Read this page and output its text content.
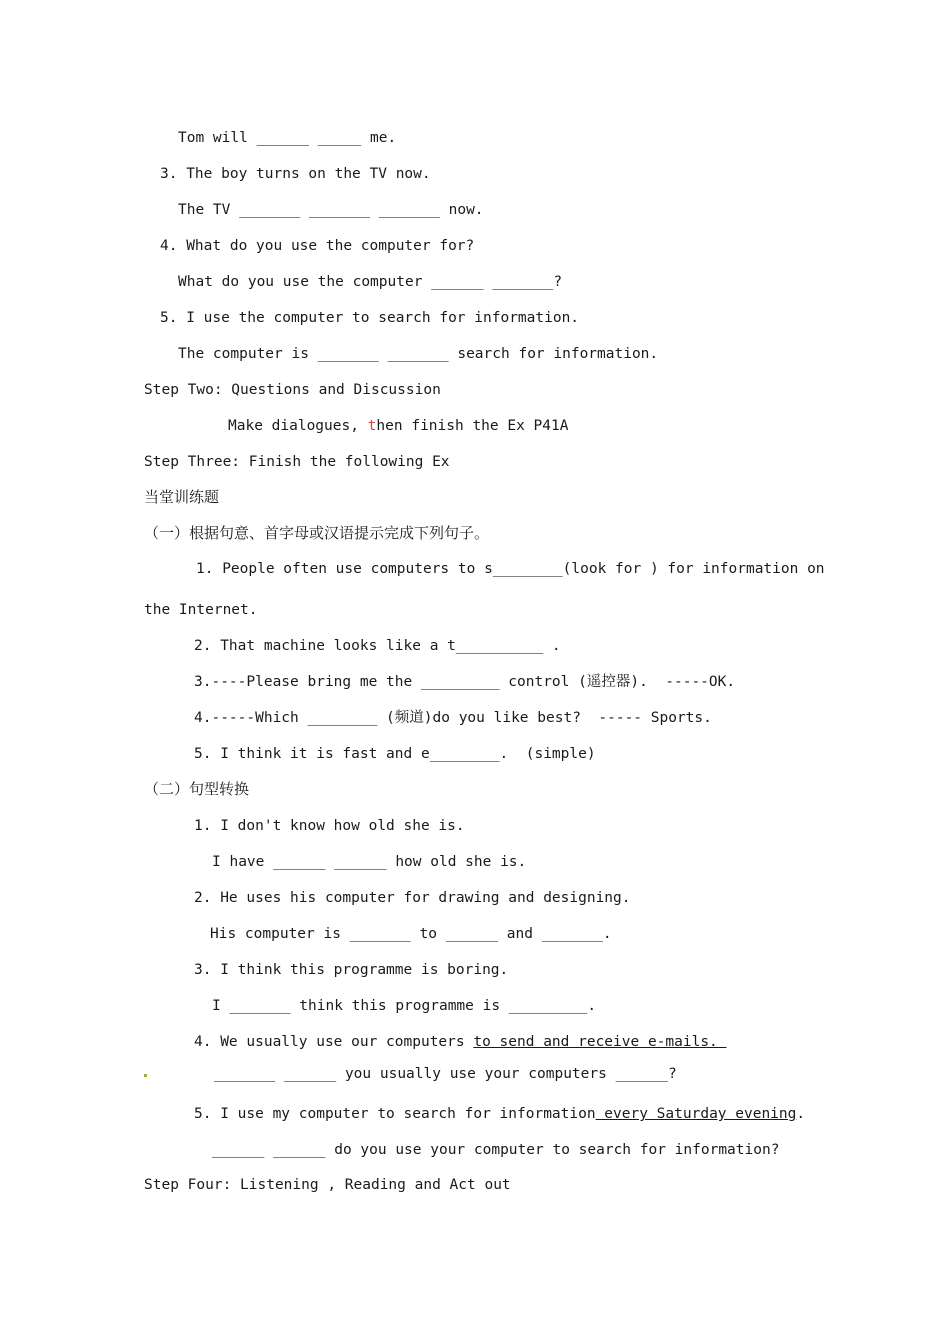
Tom will ______ _____ me.
3. The boy turns on the TV now.
The TV _______ _______ _______ now.
4. What do you use the computer for?
What do you use the computer ______ _______?
5. I use the computer to search for information.
The computer is _______ _______ search for information.
Step Two: Questions and Discussion
Make dialogues, then finish the Ex P41A
Step Three: Finish the following Ex
当堂训练题
（一）根据句意、首字母或汉语提示完成下列句子。
1. People often use computers to s________(look for ) for information on
the Internet.
2. That machine looks like a t__________ .
3.----Please bring me the _________ control (遥控器).  -----OK.
4.-----Which ________ (频道)do you like best?  ----- Sports.
5. I think it is fast and e________.  (simple)
（二）句型转换
1. I don't know how old she is.
I have ______ ______ how old she is.
2. He uses his computer for drawing and designing.
His computer is _______ to ______ and _______.
3. I think this programme is boring.
I _______ think this programme is _________.
4. We usually use our computers to send and receive e-mails.
_______ ______ you usually use your computers ______?
5. I use my computer to search for information every Saturday evening.
______ ______ do you use your computer to search for information?
Step Four: Listening , Reading and Act out
